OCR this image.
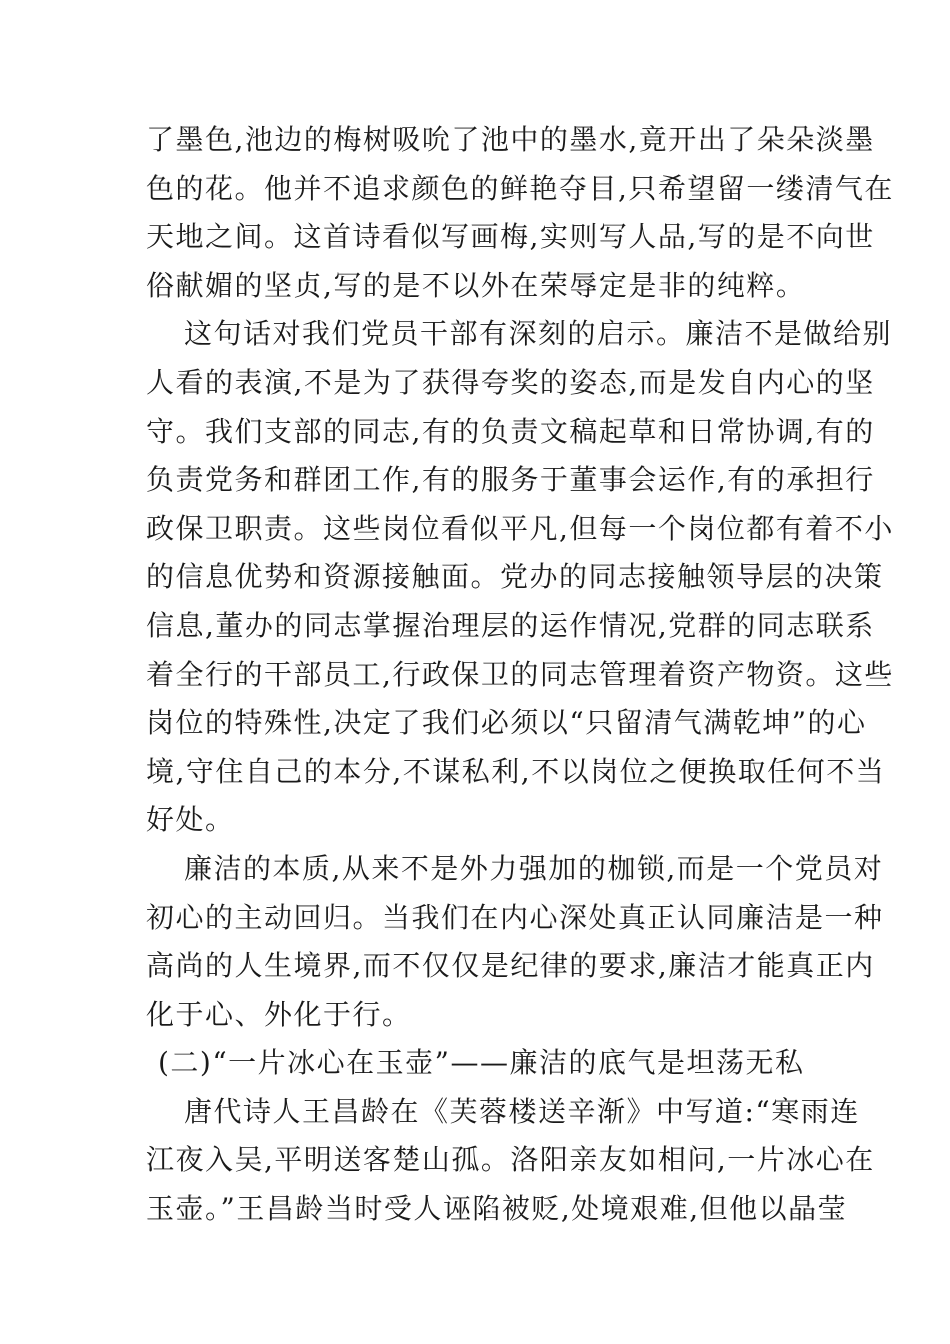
了墨色,池边的梅树吸吮了池中的墨水,竟开出了朵朵淡墨
色的花。他并不追求颜色的鲜艳夺目,只希望留一缕清气在
天地之间。这首诗看似写画梅,实则写人品,写的是不向世
俗献媚的坚贞,写的是不以外在荣辱定是非的纯粹。

这句话对我们党员干部有深刻的启示。廉洁不是做给别
人看的表演,不是为了获得夸奖的姿态,而是发自内心的坚
守。我们支部的同志,有的负责文稿起草和日常协调,有的
负责党务和群团工作,有的服务于董事会运作,有的承担行
政保卫职责。这些岗位看似平凡,但每一个岗位都有着不小
的信息优势和资源接触面。党办的同志接触领导层的决策
信息,董办的同志掌握治理层的运作情况,党群的同志联系
着全行的干部员工,行政保卫的同志管理着资产物资。这些
岗位的特殊性,决定了我们必须以“只留清气满乾坤”的心
境,守住自己的本分,不谋私利,不以岗位之便换取任何不当
好处。

廉洁的本质,从来不是外力强加的枷锁,而是一个党员对
初心的主动回归。当我们在内心深处真正认同廉洁是一种
高尚的人生境界,而不仅仅是纪律的要求,廉洁才能真正内
化于心、外化于行。

(二)“一片冰心在玉壶”——廉洁的底气是坦荡无私

唐代诗人王昌龄在《芙蓉楼送辛渐》中写道:“寒雨连
江夜入吴,平明送客楚山孤。洛阳亲友如相问,一片冰心在
玉壶。”王昌龄当时受人诬陷被贬,处境艰难,但他以晶莹
